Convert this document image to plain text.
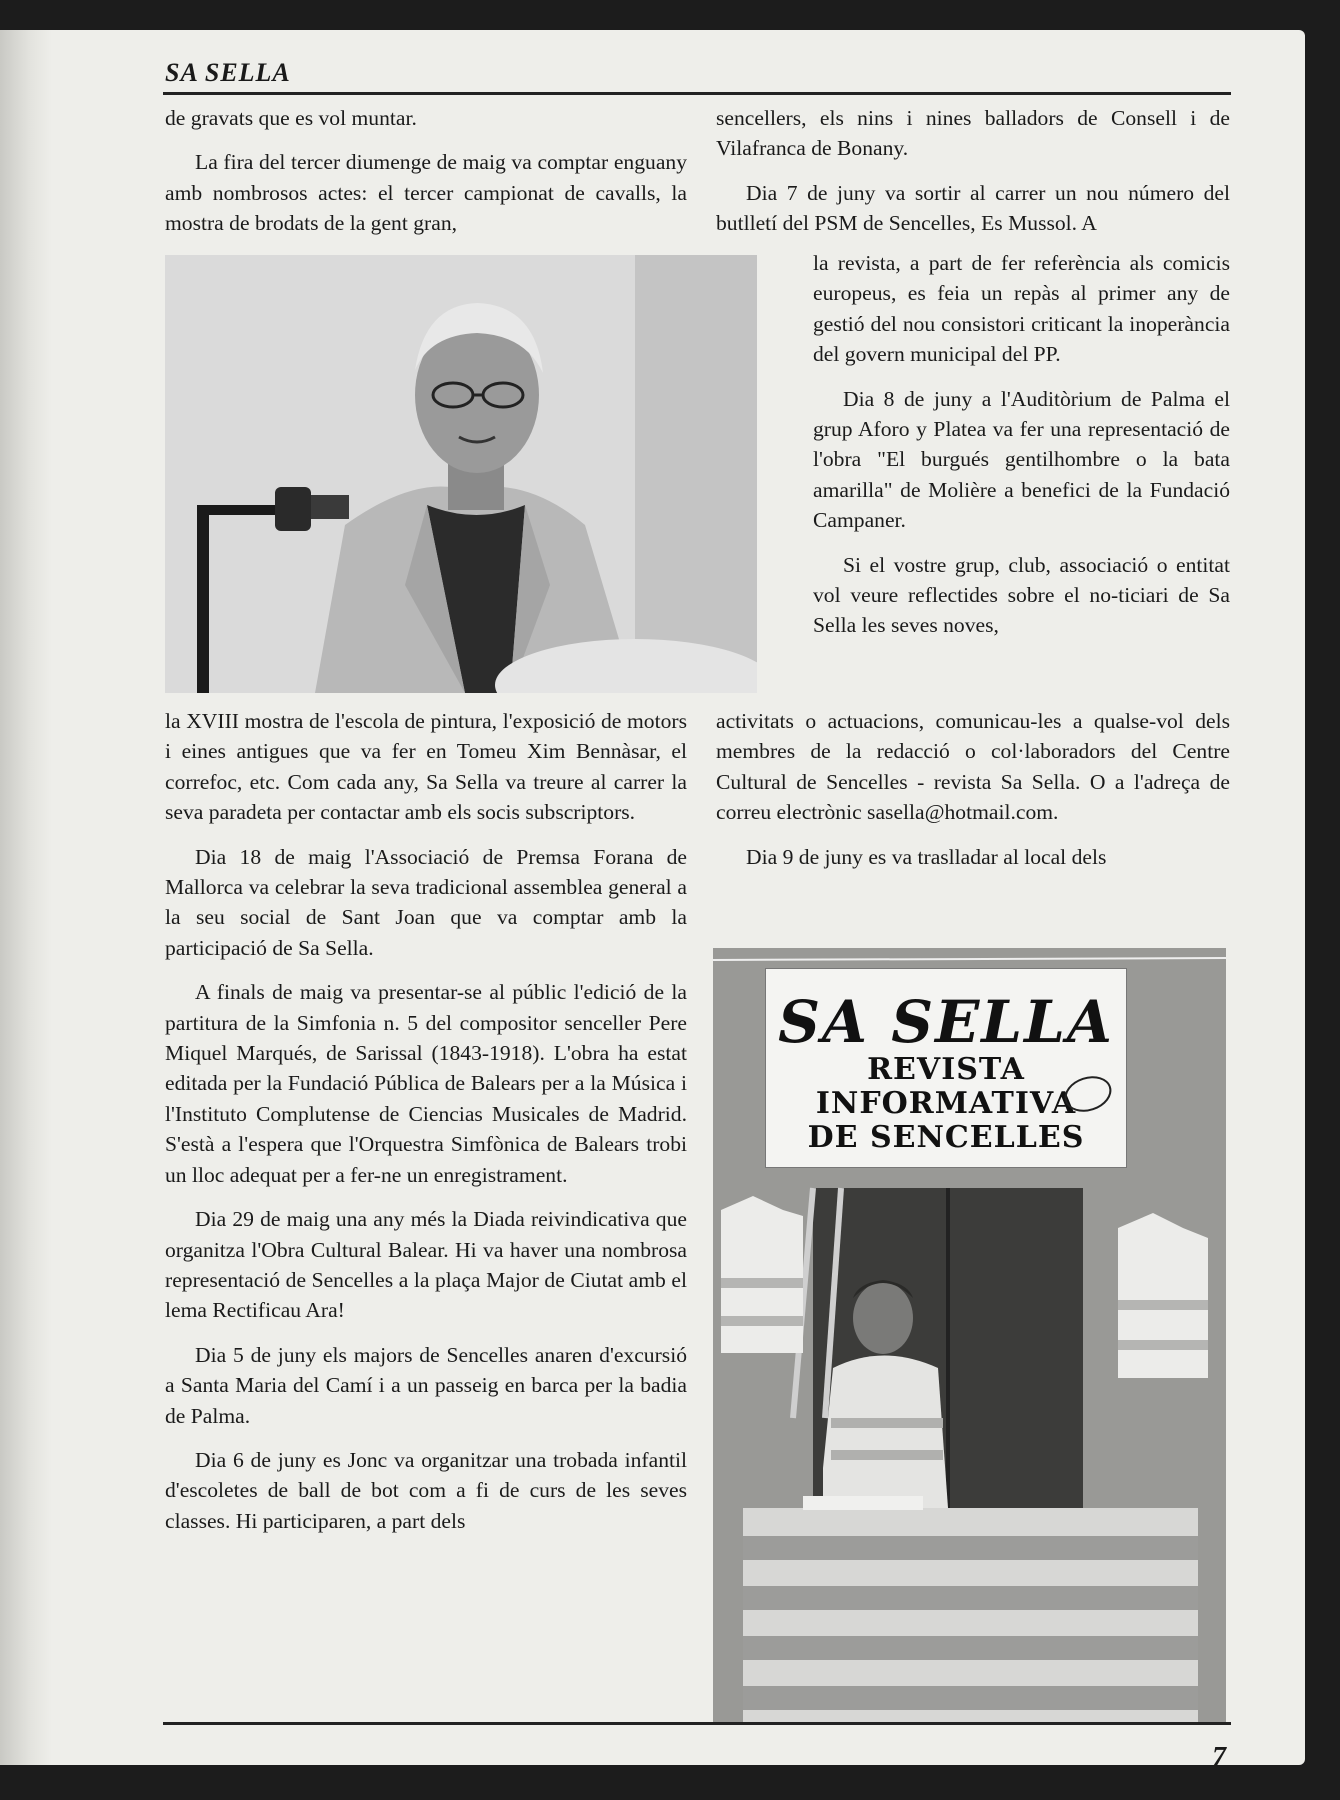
SA SELLA

de gravats que es vol muntar.

La fira del tercer diumenge de maig va comptar enguany amb nombrosos actes: el tercer campionat de cavalls, la mostra de brodats de la gent gran,

la XVIII mostra de l'escola de pintura, l'exposició de motors i eines antigues que va fer en Tomeu Xim Bennàsar, el correfoc, etc. Com cada any, Sa Sella va treure al carrer la seva paradeta per contactar amb els socis subscriptors.

Dia 18 de maig l'Associació de Premsa Forana de Mallorca va celebrar la seva tradicional assemblea general a la seu social de Sant Joan que va comptar amb la participació de Sa Sella.

A finals de maig va presentar-se al públic l'edició de la partitura de la Simfonia n. 5 del compositor senceller Pere Miquel Marqués, de Sarissal (1843-1918). L'obra ha estat editada per la Fundació Pública de Balears per a la Música i l'Instituto Complutense de Ciencias Musicales de Madrid. S'està a l'espera que l'Orquestra Simfònica de Balears trobi un lloc adequat per a fer-ne un enregistrament.

Dia 29 de maig una any més la Diada reivindicativa que organitza l'Obra Cultural Balear. Hi va haver una nombrosa representació de Sencelles a la plaça Major de Ciutat amb el lema Rectificau Ara!

Dia 5 de juny els majors de Sencelles anaren d'excursió a Santa Maria del Camí i a un passeig en barca per la badia de Palma.

Dia 6 de juny es Jonc va organitzar una trobada infantil d'escoletes de ball de bot com a fi de curs de les seves classes. Hi participaren, a part dels

sencellers, els nins i nines balladors de Consell i de Vilafranca de Bonany.

Dia 7 de juny va sortir al carrer un nou número del butlletí del PSM de Sencelles, Es Mussol. A

la revista, a part de fer referència als comicis europeus, es feia un repàs al primer any de gestió del nou consistori criticant la inoperància del govern municipal del PP.

Dia 8 de juny a l'Auditòrium de Palma el grup Aforo y Platea va fer una representació de l'obra "El burgués gentilhombre o la bata amarilla" de Molière a benefici de la Fundació Campaner.

Si el vostre grup, club, associació o entitat vol veure reflectides sobre el no-ticiari de Sa Sella les seves noves,

activitats o actuacions, comunicau-les a qualse-vol dels membres de la redacció o col·laboradors del Centre Cultural de Sencelles - revista Sa Sella. O a l'adreça de correu electrònic sasella@hotmail.com.

Dia 9 de juny es va traslladar al local dels

SA SELLA
REVISTA
INFORMATIVA
DE SENCELLES
7
